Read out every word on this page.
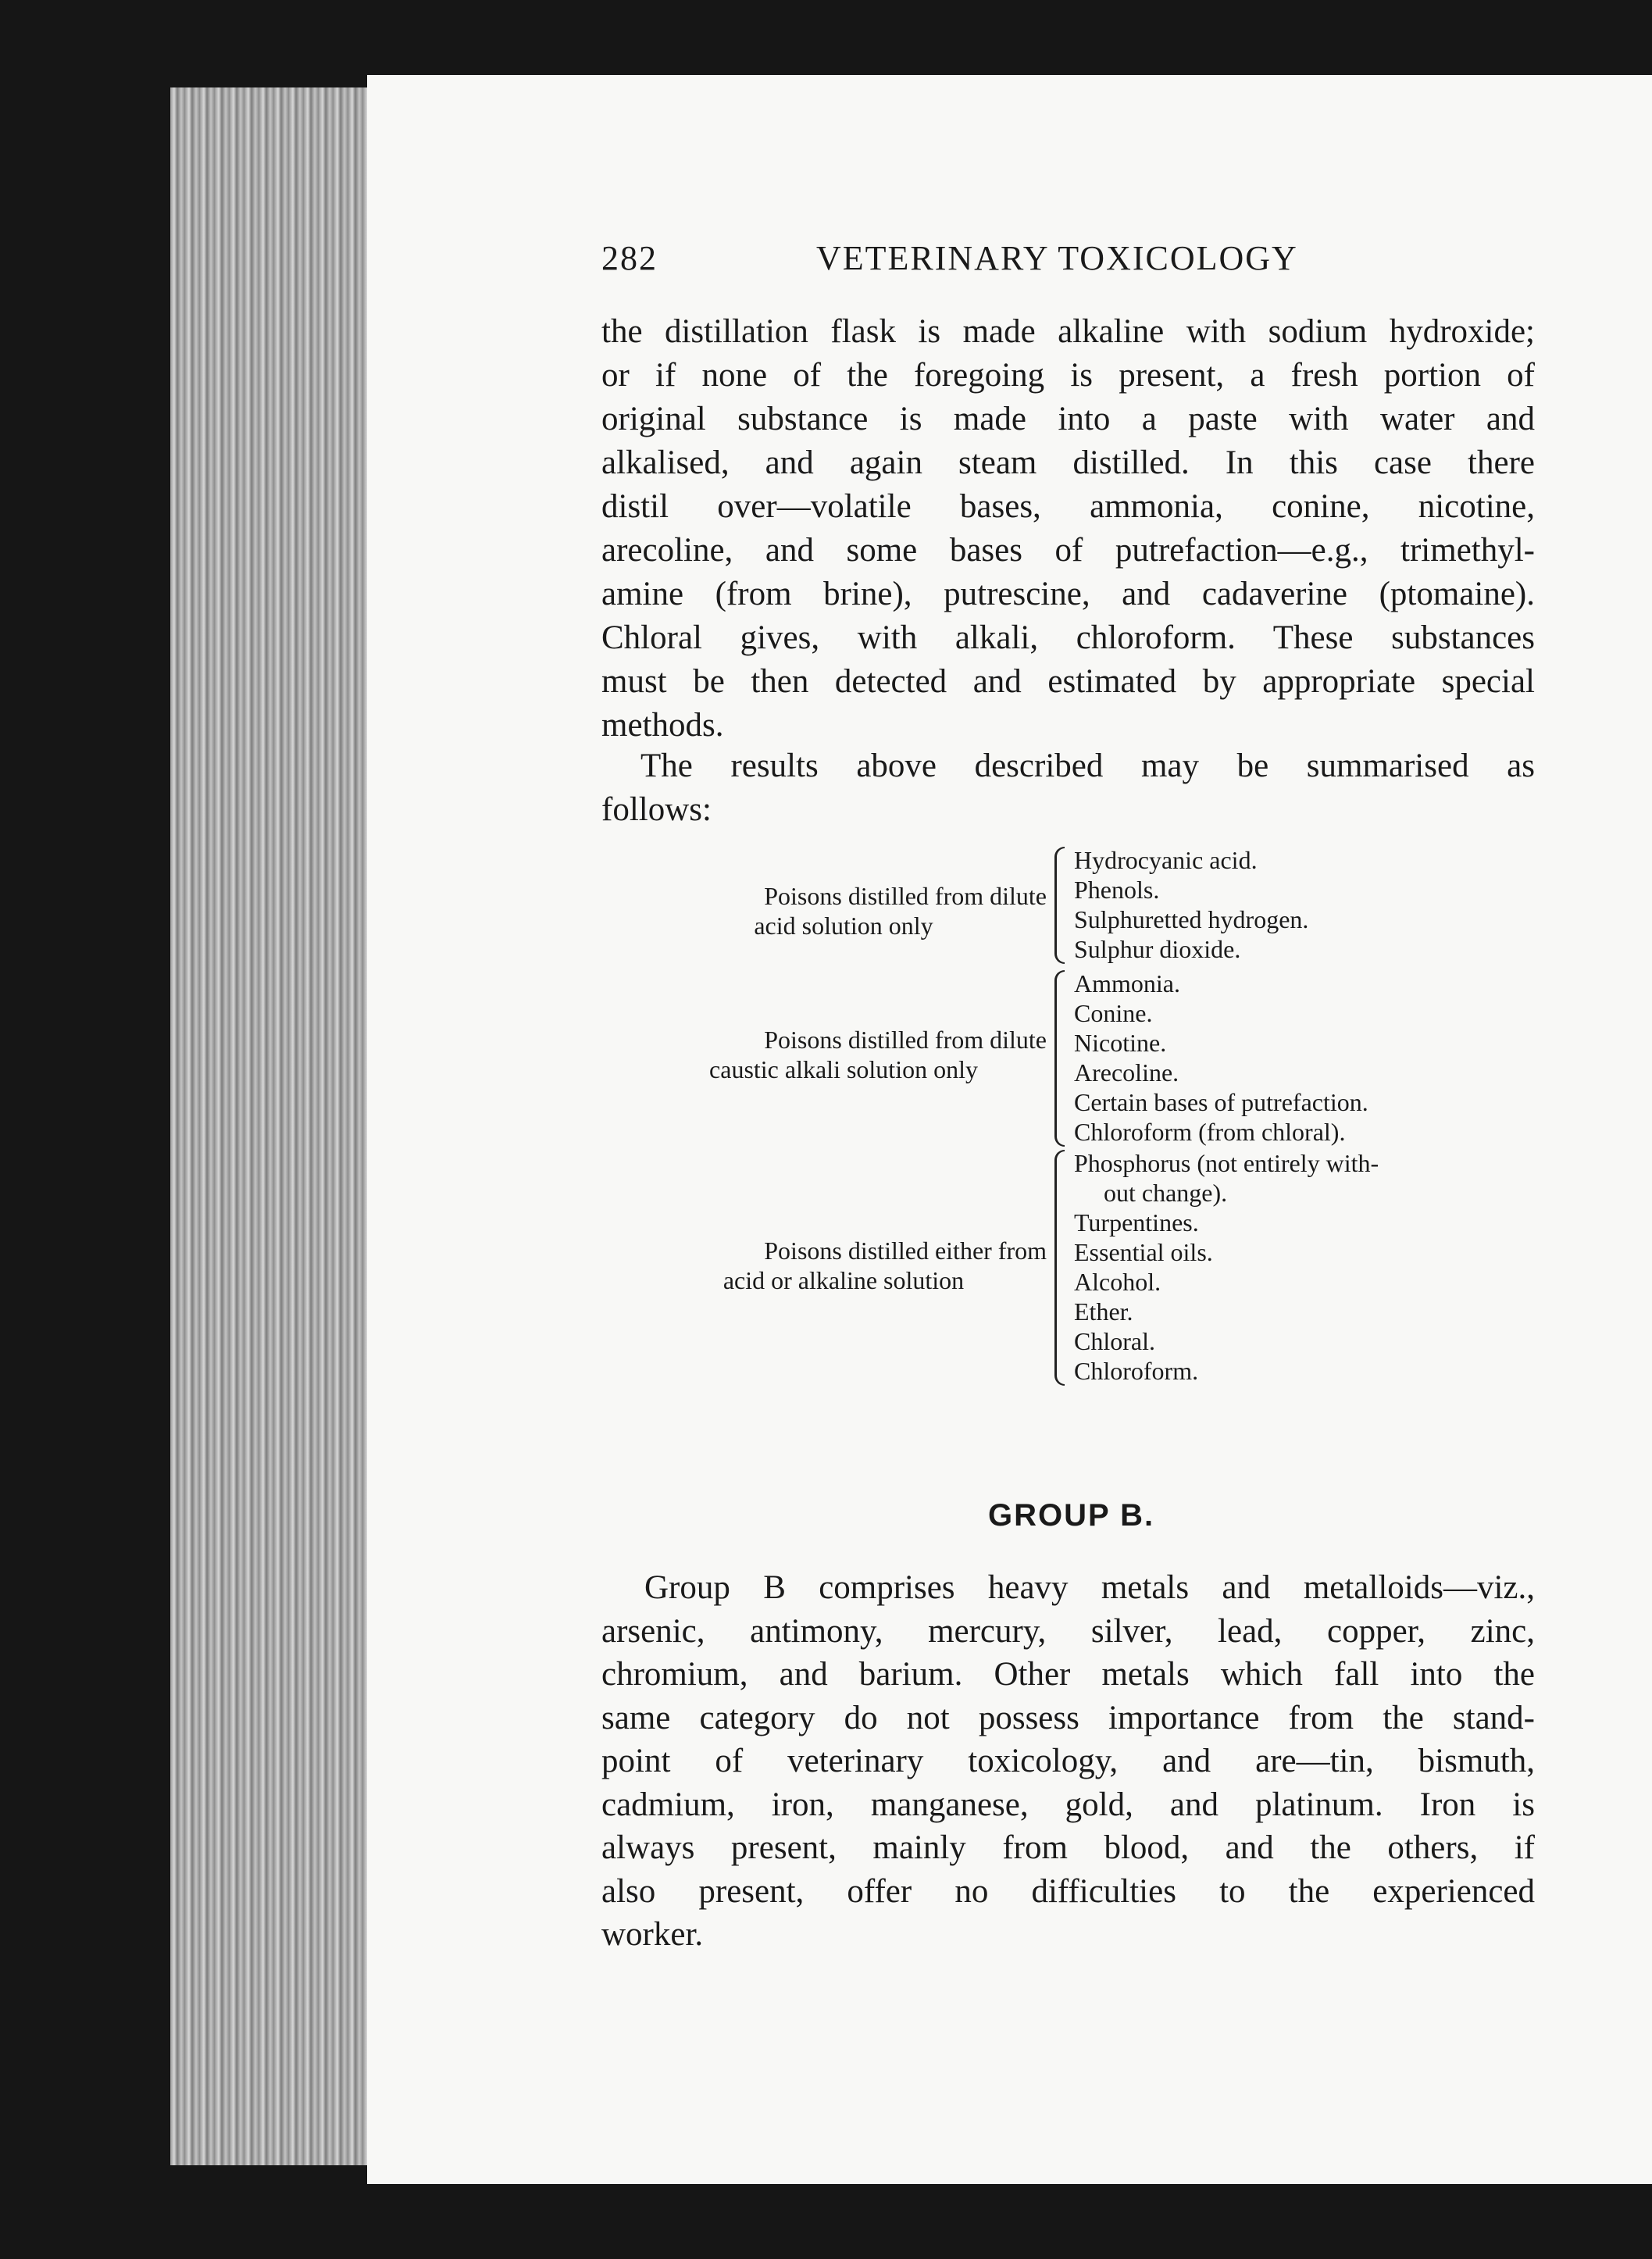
282	VETERINARY TOXICOLOGY
the distillation flask is made alkaline with sodium hydroxide;
or if none of the foregoing is present, a fresh portion of
original substance is made into a paste with water and
alkalised, and again steam distilled. In this case there
distil over—volatile bases, ammonia, conine, nicotine,
arecoline, and some bases of putrefaction—e.g., trimethyl-
amine (from brine), putrescine, and cadaverine (ptomaine).
Chloral gives, with alkali, chloroform. These substances
must be then detected and estimated by appropriate special
methods.
The results above described may be summarised as
follows:
Poisons distilled from dilute
acid solution only
Hydrocyanic acid.
Phenols.
Sulphuretted hydrogen.
Sulphur dioxide.
Poisons distilled from dilute
caustic alkali solution only
Ammonia.
Conine.
Nicotine.
Arecoline.
Certain bases of putrefaction.
Chloroform (from chloral).
Poisons distilled either from
acid or alkaline solution
Phosphorus (not entirely with-
out change).
Turpentines.
Essential oils.
Alcohol.
Ether.
Chloral.
Chloroform.
GROUP B.
Group B comprises heavy metals and metalloids—viz.,
arsenic, antimony, mercury, silver, lead, copper, zinc,
chromium, and barium. Other metals which fall into the
same category do not possess importance from the stand-
point of veterinary toxicology, and are—tin, bismuth,
cadmium, iron, manganese, gold, and platinum. Iron is
always present, mainly from blood, and the others, if
also present, offer no difficulties to the experienced
worker.
